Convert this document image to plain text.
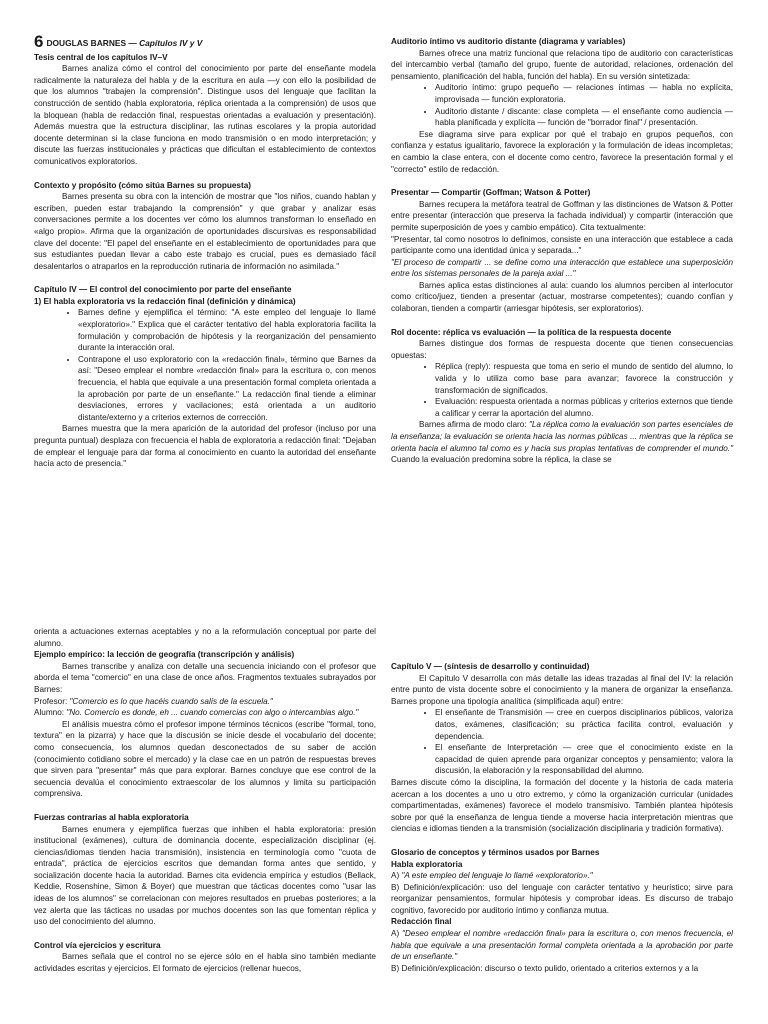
6 DOUGLAS BARNES — Capítulos IV y V

Tesis central de los capítulos IV–V

Barnes analiza cómo el control del conocimiento por parte del enseñante modela radicalmente la naturaleza del habla y de la escritura en aula —y con ello la posibilidad de que los alumnos "trabajen la comprensión". Distingue usos del lenguaje que facilitan la construcción de sentido (habla exploratoria, réplica orientada a la comprensión) de usos que la bloquean (habla de redacción final, respuestas orientadas a evaluación y presentación). Además muestra que la estructura disciplinar, las rutinas escolares y la propia autoridad docente determinan si la clase funciona en modo transmisión o en modo interpretación; y discute las fuerzas institucionales y prácticas que dificultan el establecimiento de contextos comunicativos exploratorios.

Contexto y propósito (cómo sitúa Barnes su propuesta)

Barnes presenta su obra con la intención de mostrar que "los niños, cuando hablan y escriben, pueden estar trabajando la comprensión" y que grabar y analizar esas conversaciones permite a los docentes ver cómo los alumnos transforman lo enseñado en «algo propio». Afirma que la organización de oportunidades discursivas es responsabilidad clave del docente: "El papel del enseñante en el establecimiento de oportunidades para que sus estudiantes puedan llevar a cabo este trabajo es crucial, pues es demasiado fácil desalentarlos o atraparlos en la reproducción rutinaria de información no asimilada."

Capítulo IV — El control del conocimiento por parte del enseñante

1) El habla exploratoria vs la redacción final (definición y dinámica)

• Barnes define y ejemplifica el término: "A este empleo del lenguaje lo llamé «exploratorio»." Explica que el carácter tentativo del habla exploratoria facilita la formulación y comprobación de hipótesis y la reorganización del pensamiento durante la interacción oral.
• Contrapone el uso exploratorio con la «redacción final», término que Barnes da así: "Deseo emplear el nombre «redacción final» para la escritura o, con menos frecuencia, el habla que equivale a una presentación formal completa orientada a la aprobación por parte de un enseñante." La redacción final tiende a eliminar desviaciones, errores y vacilaciones; está orientada a un auditorio distante/externo y a criterios externos de corrección.

Barnes muestra que la mera aparición de la autoridad del profesor (incluso por una pregunta puntual) desplaza con frecuencia el habla de exploratoria a redacción final: "Dejaban de emplear el lenguaje para dar forma al conocimiento en cuanto la autoridad del enseñante hacía acto de presencia."

Auditorio íntimo vs auditorio distante (diagrama y variables)

Barnes ofrece una matriz funcional que relaciona tipo de auditorio con características del intercambio verbal (tamaño del grupo, fuente de autoridad, relaciones, ordenación del pensamiento, planificación del habla, función del habla). En su versión sintetizada:

• Auditorio íntimo: grupo pequeño — relaciones íntimas — habla no explícita, improvisada — función exploratoria.
• Auditorio distante / discante: clase completa — el enseñante como audiencia — habla planificada y explícita — función de "borrador final" / presentación.

Ese diagrama sirve para explicar por qué el trabajo en grupos pequeños, con confianza y estatus igualitario, favorece la exploración y la formulación de ideas incompletas; en cambio la clase entera, con el docente como centro, favorece la presentación formal y el "correcto" estilo de redacción.

Presentar — Compartir (Goffman; Watson & Potter)

Barnes recupera la metáfora teatral de Goffman y las distinciones de Watson & Potter entre presentar (interacción que preserva la fachada individual) y compartir (interacción que permite superposición de yoes y cambio empático). Cita textualmente:

"Presentar, tal como nosotros lo definimos, consiste en una interacción que establece a cada participante como una identidad única y separada..."

"El proceso de compartir ... se define como una interacción que establece una superposición entre los sistemas personales de la pareja axial ..."

Barnes aplica estas distinciones al aula: cuando los alumnos perciben al interlocutor como crítico/juez, tienden a presentar (actuar, mostrarse competentes); cuando confían y colaboran, tienden a compartir (arriesgar hipótesis, ser exploratorios).

Rol docente: réplica vs evaluación — la política de la respuesta docente

Barnes distingue dos formas de respuesta docente que tienen consecuencias opuestas:

• Réplica (reply): respuesta que toma en serio el mundo de sentido del alumno, lo valida y lo utiliza como base para avanzar; favorece la construcción y transformación de significados.
• Evaluación: respuesta orientada a normas públicas y criterios externos que tiende a calificar y cerrar la aportación del alumno.

Barnes afirma de modo claro: "La réplica como la evaluación son partes esenciales de la enseñanza; la evaluación se orienta hacia las normas públicas ... mientras que la réplica se orienta hacia el alumno tal como es y hacia sus propias tentativas de comprender el mundo." Cuando la evaluación predomina sobre la réplica, la clase se

orienta a actuaciones externas aceptables y no a la reformulación conceptual por parte del alumno.

Ejemplo empírico: la lección de geografía (transcripción y análisis)

Barnes transcribe y analiza con detalle una secuencia iniciando con el profesor que aborda el tema "comercio" en una clase de once años. Fragmentos textuales subrayados por Barnes:

Profesor: "Comercio es lo que hacéis cuando salís de la escuela."

Alumno: "No. Comercio es donde, eh ... cuando comercias con algo o intercambias algo."

El análisis muestra cómo el profesor impone términos técnicos (escribe "formal, tono, textura" en la pizarra) y hace que la discusión se inicie desde el vocabulario del docente; como consecuencia, los alumnos quedan desconectados de su saber de acción (conocimiento cotidiano sobre el mercado) y la clase cae en un patrón de respuestas breves que sirven para "presentar" más que para explorar. Barnes concluye que ese control de la secuencia devalúa el conocimiento extraescolar de los alumnos y limita su participación comprensiva.

Fuerzas contrarias al habla exploratoria

Barnes enumera y ejemplifica fuerzas que inhiben el habla exploratoria: presión institucional (exámenes), cultura de dominancia docente, especialización disciplinar (ej. ciencias/idiomas tienden hacia transmisión), insistencia en terminología como "cuota de entrada", práctica de ejercicios escritos que demandan forma antes que sentido, y socialización docente hacia la autoridad. Barnes cita evidencia empírica y estudios (Bellack, Keddie, Rosenshine, Simon & Boyer) que muestran que tácticas docentes como "usar las ideas de los alumnos" se correlacionan con mejores resultados en pruebas posteriores; a la vez alerta que las tácticas no usadas por muchos docentes son las que fomentan réplica y uso del conocimiento del alumno.

Control vía ejercicios y escritura

Barnes señala que el control no se ejerce sólo en el habla sino también mediante actividades escritas y ejercicios. El formato de ejercicios (rellenar huecos,

Capítulo V — (síntesis de desarrollo y continuidad)

El Capítulo V desarrolla con más detalle las ideas trazadas al final del IV: la relación entre punto de vista docente sobre el conocimiento y la manera de organizar la enseñanza. Barnes propone una tipología analítica (simplificada aquí) entre:

• El enseñante de Transmisión — cree en cuerpos disciplinarios públicos, valoriza datos, exámenes, clasificación; su práctica facilita control, evaluación y dependencia.
• El enseñante de Interpretación — cree que el conocimiento existe en la capacidad de quien aprende para organizar conceptos y pensamiento; valora la discusión, la elaboración y la responsabilidad del alumno.

Barnes discute cómo la disciplina, la formación del docente y la historia de cada materia acercan a los docentes a uno u otro extremo, y cómo la organización curricular (unidades compartimentadas, exámenes) favorece el modelo transmisivo. También plantea hipótesis sobre por qué la enseñanza de lengua tiende a moverse hacia interpretación mientras que ciencias e idiomas tienden a la transmisión (socialización disciplinaria y tradición formativa).

Glosario de conceptos y términos usados por Barnes

Habla exploratoria

A) "A este empleo del lenguaje lo llamé «exploratorio»."

B) Definición/explicación: uso del lenguaje con carácter tentativo y heurístico; sirve para reorganizar pensamientos, formular hipótesis y comprobar ideas. Es discurso de trabajo cognitivo, favorecido por auditorio íntimo y confianza mutua.

Redacción final

A) "Deseo emplear el nombre «redacción final» para la escritura o, con menos frecuencia, el habla que equivale a una presentación formal completa orientada a la aprobación por parte de un enseñante."

B) Definición/explicación: discurso o texto pulido, orientado a criterios externos y a la
